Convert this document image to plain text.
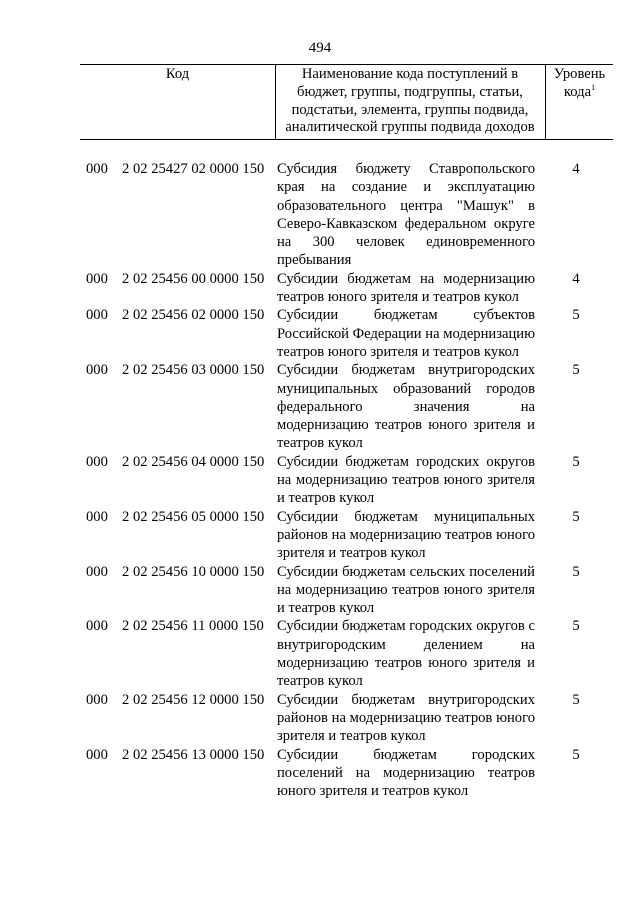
494
Код	Наименование кода поступлений в бюджет, группы, подгруппы, статьи, подстатьи, элемента, группы подвида, аналитической группы подвида доходов
Уровень кода$^1$
000 2 02 25427 02 0000 150 Субсидия бюджету Ставропольского края на создание и эксплуатацию образовательного центра "Машук" в Северо-Кавказском федеральном округе на 300 человек единовременного пребывания
4
000 2 02 25456 00 0000 150 Субсидии бюджетам на модернизацию театров юного зрителя и театров кукол
4
000 2 02 25456 02 0000 150 Субсидии бюджетам субъектов Российской Федерации на модернизацию театров юного зрителя и театров кукол
5
000 2 02 25456 03 0000 150 Субсидии бюджетам внутригородских муниципальных образований городов федерального значения на модернизацию театров юного зрителя и театров кукол
5
000 2 02 25456 04 0000 150 Субсидии бюджетам городских округов на модернизацию театров юного зрителя и театров кукол
5
000 2 02 25456 05 0000 150 Субсидии бюджетам муниципальных районов на модернизацию театров юного зрителя и театров кукол
5
000 2 02 25456 10 0000 150 Субсидии бюджетам сельских поселений на модернизацию театров юного зрителя и театров кукол
5
000 2 02 25456 11 0000 150 Субсидии бюджетам городских округов с внутригородским делением на модернизацию театров юного зрителя и театров кукол
5
000 2 02 25456 12 0000 150 Субсидии бюджетам внутригородских районов на модернизацию театров юного зрителя и театров кукол
5
000 2 02 25456 13 0000 150 Субсидии бюджетам городских поселений на модернизацию театров юного зрителя и театров кукол
5
